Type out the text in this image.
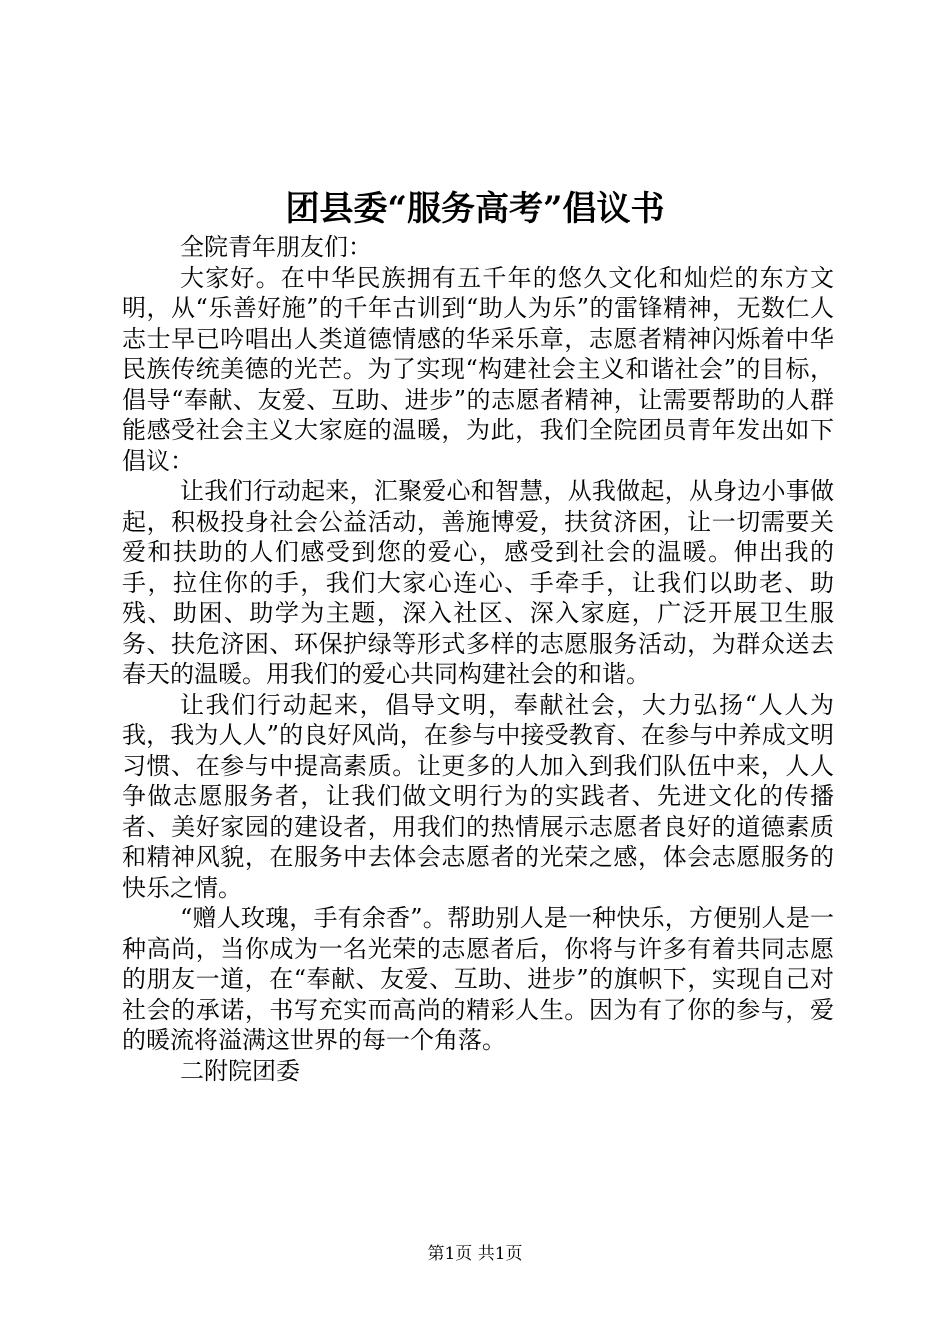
团县委“服务高考”倡议书

全院青年朋友们：

大家好。在中华民族拥有五千年的悠久文化和灿烂的东方文明，从“乐善好施”的千年古训到“助人为乐”的雷锋精神，无数仁人志士早已吟唱出人类道德情感的华采乐章，志愿者精神闪烁着中华民族传统美德的光芒。为了实现“构建社会主义和谐社会”的目标，倡导“奉献、友爱、互助、进步”的志愿者精神，让需要帮助的人群能感受社会主义大家庭的温暖，为此，我们全院团员青年发出如下倡议：

让我们行动起来，汇聚爱心和智慧，从我做起，从身边小事做起，积极投身社会公益活动，善施博爱，扶贫济困，让一切需要关爱和扶助的人们感受到您的爱心，感受到社会的温暖。伸出我的手，拉住你的手，我们大家心连心、手牵手，让我们以助老、助残、助困、助学为主题，深入社区、深入家庭，广泛开展卫生服务、扶危济困、环保护绿等形式多样的志愿服务活动，为群众送去春天的温暖。用我们的爱心共同构建社会的和谐。

让我们行动起来，倡导文明，奉献社会，大力弘扬“人人为我，我为人人”的良好风尚，在参与中接受教育、在参与中养成文明习惯、在参与中提高素质。让更多的人加入到我们队伍中来，人人争做志愿服务者，让我们做文明行为的实践者、先进文化的传播者、美好家园的建设者，用我们的热情展示志愿者良好的道德素质和精神风貌，在服务中去体会志愿者的光荣之感，体会志愿服务的快乐之情。

“赠人玫瑰，手有余香”。帮助别人是一种快乐，方便别人是一种高尚，当你成为一名光荣的志愿者后，你将与许多有着共同志愿的朋友一道，在“奉献、友爱、互助、进步”的旗帜下，实现自己对社会的承诺，书写充实而高尚的精彩人生。因为有了你的参与，爱的暖流将溢满这世界的每一个角落。

二附院团委

第1页 共1页
